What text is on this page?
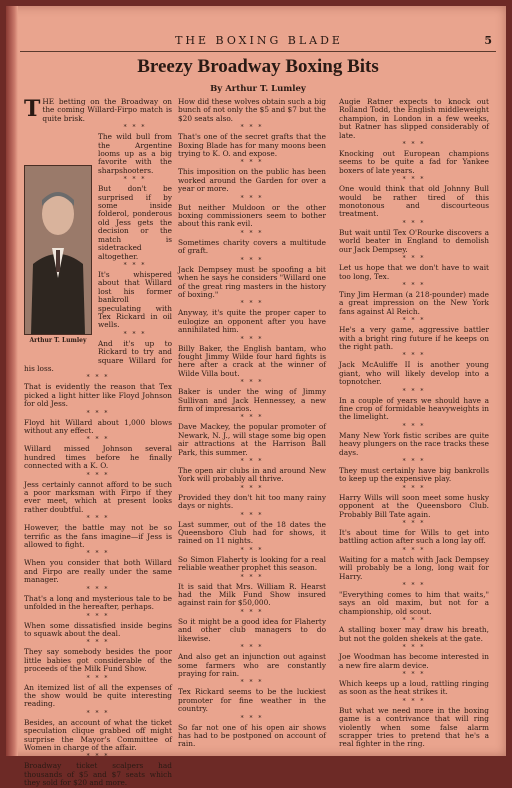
THE BOXING BLADE	5
Breezy Broadway Boxing Bits
By Arthur T. Lumley
T HE betting on the Broadway on the coming Willard-Firpo match is quite brisk.

Arthur T. Lumley
* * *

The wild bull from the Argentine looms up as a big favorite with the sharpshooters.

* * *

But don't be surprised if by some inside folderol, ponderous old Jess gets the decision or the match is sidetracked altogether.

* * *

It's whispered about that Willard lost his former bankroll speculating with Tex Rickard in oil wells.

* * *

And it's up to Rickard to try and square Willard for his loss.

* * *

That is evidently the reason that Tex picked a light hitter like Floyd Johnson for old Jess.

* * *

Floyd hit Willard about 1,000 blows without any effect.

* * *

Willard missed Johnson several hundred times before he finally connected with a K. O.

* * *

Jess certainly cannot afford to be such a poor marksman with Firpo if they ever meet, which at present looks rather doubtful.

* * *

However, the battle may not be so terrific as the fans imagine—if Jess is allowed to fight.

* * *

When you consider that both Willard and Firpo are really under the same manager.

* * *

That's a long and mysterious tale to be unfolded in the hereafter, perhaps.

* * *

When some dissatisfied inside begins to squawk about the deal.

* * *

They say somebody besides the poor little babies got considerable of the proceeds of the Milk Fund Show.

* * *

An itemized list of all the expenses of the show would be quite interesting reading.

* * *

Besides, an account of what the ticket speculation clique grabbed off might surprise the Mayor's Committee of Women in charge of the affair.

* * *

Broadway ticket scalpers had thousands of $5 and $7 seats which they sold for $20 and more.

How did these wolves obtain such a big bunch of not only the $5 and $7 but the $20 seats also.

* * *

That's one of the secret grafts that the Boxing Blade has for many moons been trying to K. O. and expose.

* * *

This imposition on the public has been worked around the Garden for over a year or more.

* * *

But neither Muldoon or the other boxing commissioners seem to bother about this rank evil.

* * *

Sometimes charity covers a multitude of graft.

* * *

Jack Dempsey must be spoofing a bit when he says he considers "Willard one of the great ring masters in the history of boxing."

* * *

Anyway, it's quite the proper caper to eulogize an opponent after you have annihilated him.

* * *

Billy Baker, the English bantam, who fought Jimmy Wilde four hard fights is here after a crack at the winner of Wilde Villa bout.

* * *

Baker is under the wing of Jimmy Sullivan and Jack Hennessey, a new firm of impresarios.

* * *

Dave Mackey, the popular promoter of Newark, N. J., will stage some big open air attractions at the Harrison Ball Park, this summer.

* * *

The open air clubs in and around New York will probably all thrive.

* * *

Provided they don't hit too many rainy days or nights.

* * *

Last summer, out of the 18 dates the Queensboro Club had for shows, it rained on 11 nights.

* * *

So Simon Flaherty is looking for a real reliable weather prophet this season.

* * *

It is said that Mrs. William R. Hearst had the Milk Fund Show insured against rain for $50,000.

* * *

So it might be a good idea for Flaherty and other club managers to do likewise.

* * *

And also get an injunction out against some farmers who are constantly praying for rain.

* * *

Tex Rickard seems to be the luckiest promoter for fine weather in the country.

* * *

So far not one of his open air shows has had to be postponed on account of rain.

Augie Ratner expects to knock out Rolland Todd, the English middleweight champion, in London in a few weeks, but Ratner has slipped considerably of late.

* * *

Knocking out European champions seems to be quite a fad for Yankee boxers of late years.

* * *

One would think that old Johnny Bull would be rather tired of this monotonous and discourteous treatment.

* * *

But wait until Tex O'Rourke discovers a world beater in England to demolish our Jack Dempsey.

* * *

Let us hope that we don't have to wait too long, Tex.

* * *

Tiny Jim Herman (a 218-pounder) made a great impression on the New York fans against Al Reich.

* * *

He's a very game, aggressive battler with a bright ring future if he keeps on the right path.

* * *

Jack McAuliffe II is another young giant, who will likely develop into a topnotcher.

* * *

In a couple of years we should have a fine crop of formidable heavyweights in the limelight.

* * *

Many New York fistic scribes are quite heavy plungers on the race tracks these days.

* * *

They must certainly have big bankrolls to keep up the expensive play.

* * *

Harry Wills will soon meet some husky opponent at the Queensboro Club. Probably Bill Tate again.

* * *

It's about time for Wills to get into battling action after such a long lay off.

* * *

Waiting for a match with Jack Dempsey will probably be a long, long wait for Harry.

* * *

"Everything comes to him that waits," says an old maxim, but not for a championship, old scout.

* * *

A stalling boxer may draw his breath, but not the golden shekels at the gate.

* * *

Joe Woodman has become interested in a new fire alarm device.

* * *

Which keeps up a loud, rattling ringing as soon as the heat strikes it.

* * *

But what we need more in the boxing game is a contrivance that will ring violently when some false alarm scrapper tries to pretend that he's a real fighter in the ring.
